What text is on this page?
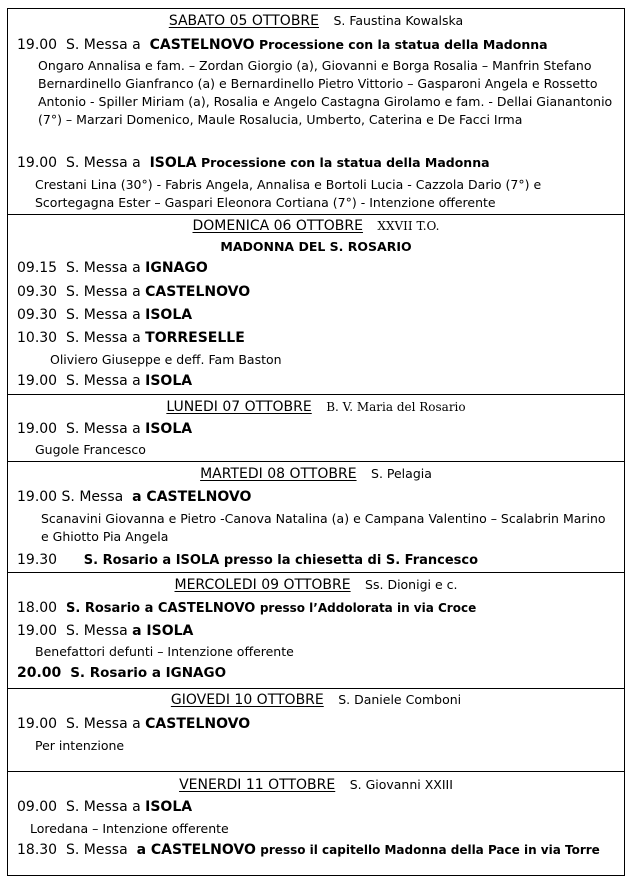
SABATO 05 OTTOBRE S. Faustina Kowalska
19.00 S. Messa a CASTELNOVO Processione con la statua della Madonna
Ongaro Annalisa e fam. – Zordan Giorgio (a), Giovanni e Borga Rosalia – Manfrin Stefano Bernardinello Gianfranco (a) e Bernardinello Pietro Vittorio – Gasparoni Angela e Rossetto Antonio - Spiller Miriam (a), Rosalia e Angelo Castagna Girolamo e fam. - Dellai Gianantonio (7°) – Marzari Domenico, Maule Rosalucia, Umberto, Caterina e De Facci Irma
19.00 S. Messa a ISOLA Processione con la statua della Madonna
Crestani Lina (30°) - Fabris Angela, Annalisa e Bortoli Lucia - Cazzola Dario (7°) e Scortegagna Ester – Gaspari Eleonora Cortiana (7°) - Intenzione offerente
DOMENICA 06 OTTOBRE XXVII T.O.
MADONNA DEL S. ROSARIO
09.15 S. Messa a IGNAGO
09.30 S. Messa a CASTELNOVO
09.30 S. Messa a ISOLA
10.30 S. Messa a TORRESELLE
Oliviero Giuseppe e deff. Fam Baston
19.00 S. Messa a ISOLA
LUNEDI 07 OTTOBRE B. V. Maria del Rosario
19.00 S. Messa a ISOLA
Gugole Francesco
MARTEDI 08 OTTOBRE S. Pelagia
19.00 S. Messa a CASTELNOVO
Scanavini Giovanna e Pietro -Canova Natalina (a) e Campana Valentino – Scalabrin Marino e Ghiotto Pia Angela
19.30 S. Rosario a ISOLA presso la chiesetta di S. Francesco
MERCOLEDI 09 OTTOBRE Ss. Dionigi e c.
18.00 S. Rosario a CASTELNOVO presso l’Addolorata in via Croce
19.00 S. Messa a ISOLA
Benefattori defunti – Intenzione offerente
20.00 S. Rosario a IGNAGO
GIOVEDI 10 OTTOBRE S. Daniele Comboni
19.00 S. Messa a CASTELNOVO
Per intenzione
VENERDI 11 OTTOBRE S. Giovanni XXIII
09.00 S. Messa a ISOLA
Loredana – Intenzione offerente
18.30 S. Messa a CASTELNOVO presso il capitello Madonna della Pace in via Torre
